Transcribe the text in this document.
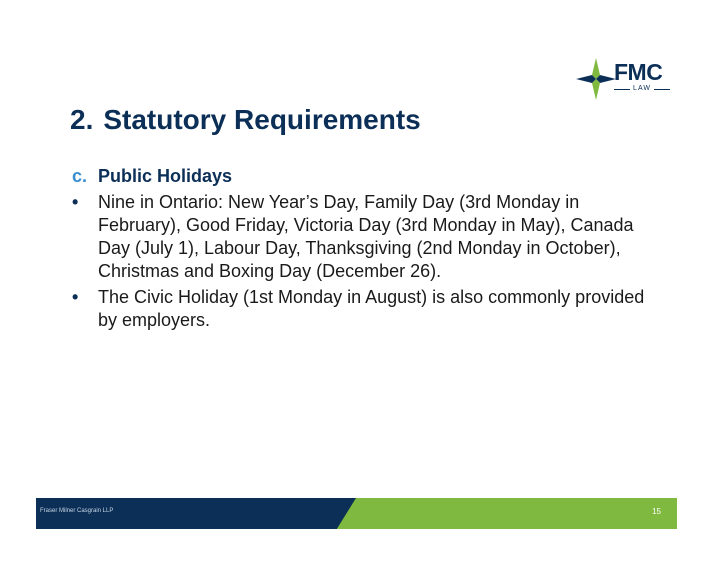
FMC
LAW
2. Statutory Requirements
c. Public Holidays
•	Nine in Ontario: New Year’s Day, Family Day (3rd Monday in February), Good Friday, Victoria Day (3rd Monday in May), Canada Day (July 1), Labour Day, Thanksgiving (2nd Monday in October), Christmas and Boxing Day (December 26).
•	The Civic Holiday (1st Monday in August) is also commonly provided by employers.
Fraser Milner Casgrain LLP	15
